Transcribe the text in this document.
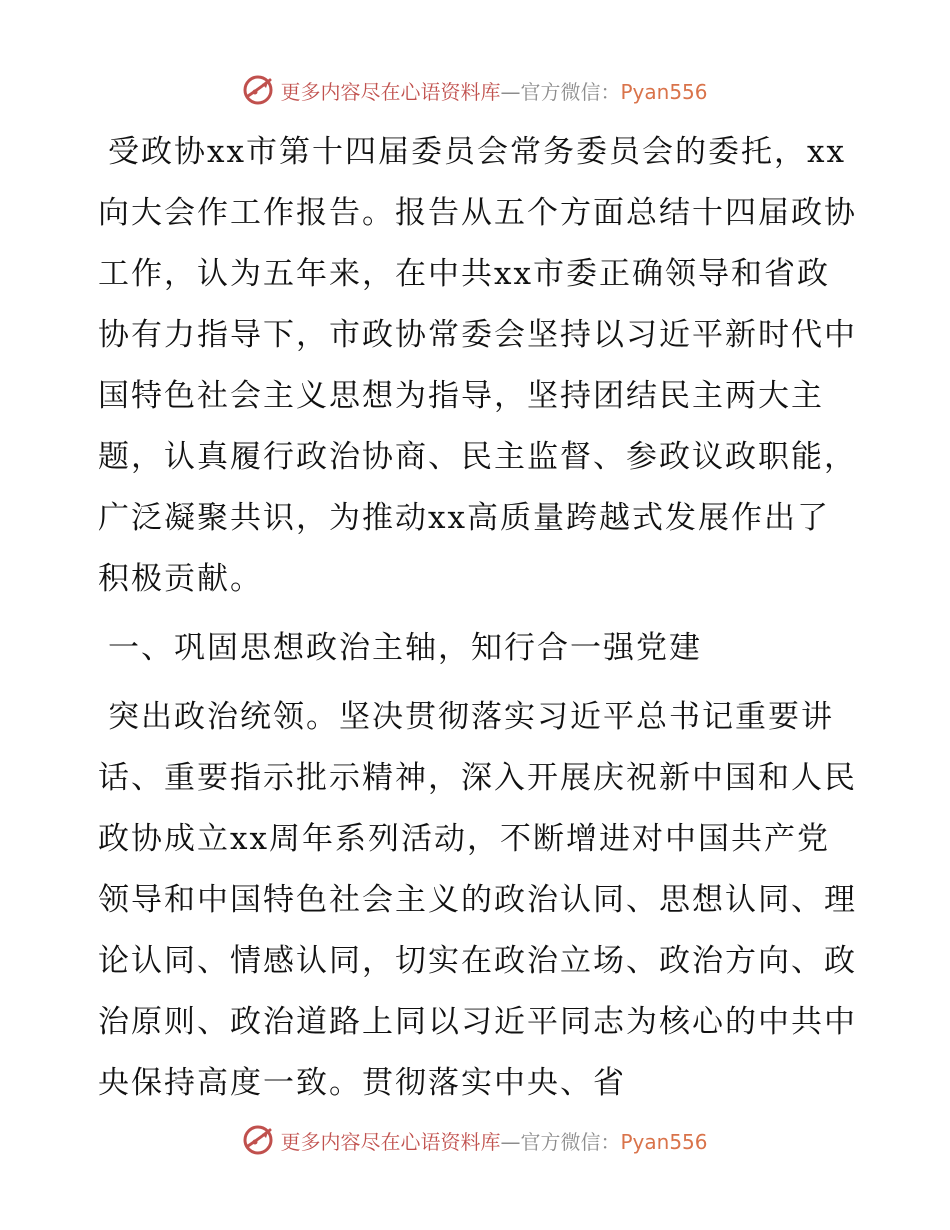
更多内容尽在心语资料库—官方微信：Pyan556

受政协xx市第十四届委员会常务委员会的委托，xx向大会作工作报告。报告从五个方面总结十四届政协工作，认为五年来，在中共xx市委正确领导和省政协有力指导下，市政协常委会坚持以习近平新时代中国特色社会主义思想为指导，坚持团结民主两大主题，认真履行政治协商、民主监督、参政议政职能，广泛凝聚共识，为推动xx高质量跨越式发展作出了积极贡献。

一、巩固思想政治主轴，知行合一强党建

突出政治统领。坚决贯彻落实习近平总书记重要讲话、重要指示批示精神，深入开展庆祝新中国和人民政协成立xx周年系列活动，不断增进对中国共产党领导和中国特色社会主义的政治认同、思想认同、理论认同、情感认同，切实在政治立场、政治方向、政治原则、政治道路上同以习近平同志为核心的中共中央保持高度一致。贯彻落实中央、省

更多内容尽在心语资料库—官方微信：Pyan556
